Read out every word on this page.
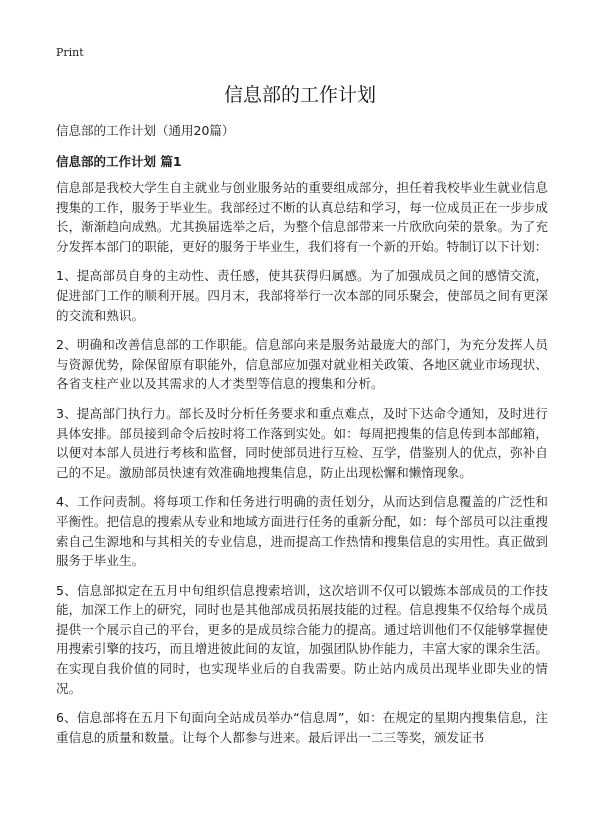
Print
信息部的工作计划

信息部的工作计划（通用20篇）

信息部的工作计划 篇1

信息部是我校大学生自主就业与创业服务站的重要组成部分，担任着我校毕业生就业信息搜集的工作，服务于毕业生。我部经过不断的认真总结和学习，每一位成员正在一步步成长，渐渐趋向成熟。尤其换届选举之后，为整个信息部带来一片欣欣向荣的景象。为了充分发挥本部门的职能，更好的服务于毕业生，我们将有一个新的开始。特制订以下计划：

1、提高部员自身的主动性、责任感，使其获得归属感。为了加强成员之间的感情交流，促进部门工作的顺利开展。四月末，我部将举行一次本部的同乐聚会，使部员之间有更深的交流和熟识。

2、明确和改善信息部的工作职能。信息部向来是服务站最庞大的部门，为充分发挥人员与资源优势，除保留原有职能外，信息部应加强对就业相关政策、各地区就业市场现状、各省支柱产业以及其需求的人才类型等信息的搜集和分析。

3、提高部门执行力。部长及时分析任务要求和重点难点，及时下达命令通知，及时进行具体安排。部员接到命令后按时将工作落到实处。如：每周把搜集的信息传到本部邮箱，以便对本部人员进行考核和监督，同时使部员进行互检、互学，借鉴别人的优点，弥补自己的不足。激励部员快速有效准确地搜集信息，防止出现松懈和懒惰现象。

4、工作问责制。将每项工作和任务进行明确的责任划分，从而达到信息覆盖的广泛性和平衡性。把信息的搜索从专业和地域方面进行任务的重新分配，如：每个部员可以注重搜索自己生源地和与其相关的专业信息，进而提高工作热情和搜集信息的实用性。真正做到服务于毕业生。

5、信息部拟定在五月中旬组织信息搜索培训，这次培训不仅可以锻炼本部成员的工作技能，加深工作上的研究，同时也是其他部成员拓展技能的过程。信息搜集不仅给每个成员提供一个展示自己的平台，更多的是成员综合能力的提高。通过培训他们不仅能够掌握使用搜索引擎的技巧，而且增进彼此间的友谊，加强团队协作能力，丰富大家的课余生活。在实现自我价值的同时，也实现毕业后的自我需要。防止站内成员出现毕业即失业的情况。

6、信息部将在五月下旬面向全站成员举办“信息周”，如：在规定的星期内搜集信息，注重信息的质量和数量。让每个人都参与进来。最后评出一二三等奖，颁发证书
